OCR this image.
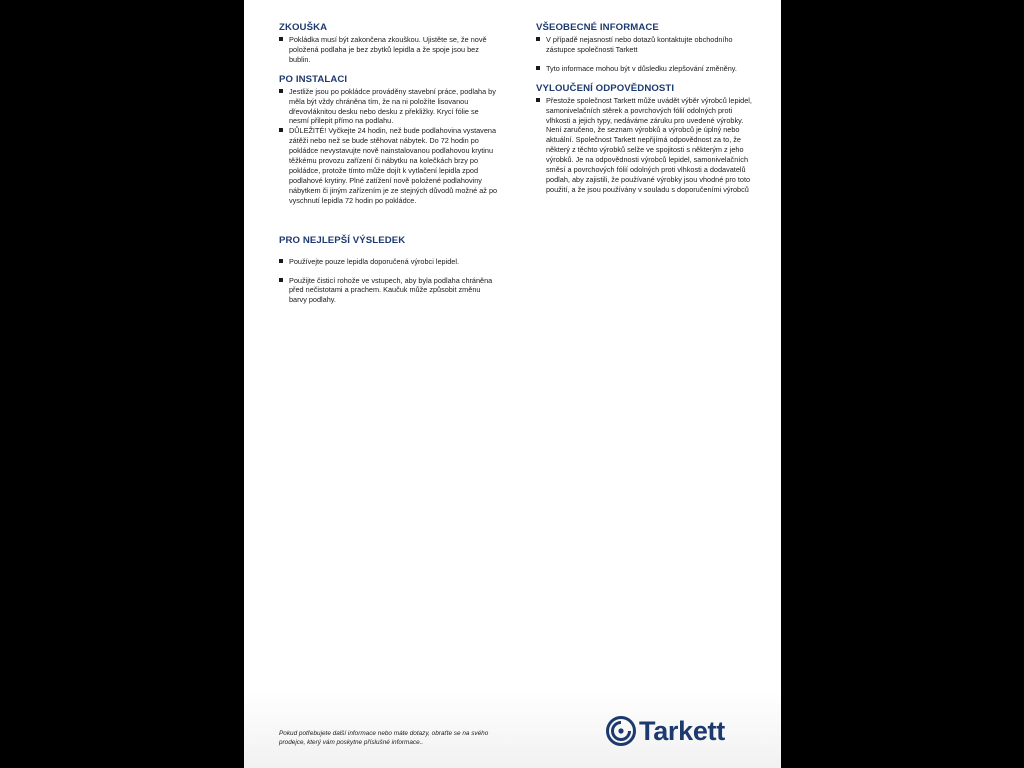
ZKOUŠKA
Pokládka musí být zakončena zkouškou. Ujistěte se, že nově položená podlaha je bez zbytků lepidla a že spoje jsou bez bublin.
PO INSTALACI
Jestliže jsou po pokládce prováděny stavební práce, podlaha by měla být vždy chráněna tím, že na ni položíte lisovanou dřevovláknitou desku nebo desku z překližky. Krycí fólie se nesmí přilepit přímo na podlahu.
DŮLEŽITÉ! Vyčkejte 24 hodin, než bude podlahovina vystavena zátěži nebo než se bude stěhovat nábytek. Do 72 hodin po pokládce nevystavujte nově nainstalovanou podlahovou krytinu těžkému provozu zařízení či nábytku na kolečkách brzy po pokládce, protože tímto může dojít k vytlačení lepidla zpod podlahové krytiny. Plné zatížení nově položené podlahoviny nábytkem či jiným zařízením je ze stejných důvodů možné až po vyschnutí lepidla 72 hodin po pokládce.
PRO NEJLEPŠÍ VÝSLEDEK
Používejte pouze lepidla doporučená výrobci lepidel.
Použijte čisticí rohože ve vstupech, aby byla podlaha chráněna před nečistotami a prachem. Kaučuk může způsobit změnu barvy podlahy.
VŠEOBECNÉ INFORMACE
V případě nejasností nebo dotazů kontaktujte obchodního zástupce společnosti Tarkett
Tyto informace mohou být v důsledku zlepšování změněny.
VYLOUČENÍ ODPOVĚDNOSTI
Přestože společnost Tarkett může uvádět výběr výrobců lepidel, samonivelačních stěrek a povrchových fólií odolných proti vlhkosti a jejich typy, nedáváme záruku pro uvedené výrobky. Není zaručeno, že seznam výrobků a výrobců je úplný nebo aktuální. Společnost Tarkett nepřijímá odpovědnost za to, že některý z těchto výrobků selže ve spojitosti s některým z jeho výrobků. Je na odpovědnosti výrobců lepidel, samonivelačních směsí a povrchových fólií odolných proti vlhkosti a dodavatelů podlah, aby zajistili, že používané výrobky jsou vhodné pro toto použití, a že jsou používány v souladu s doporučeními výrobců
Pokud potřebujete další informace nebo máte dotazy, obraťte se na svého prodejce, který vám poskytne příslušné informace..	Tarkett
